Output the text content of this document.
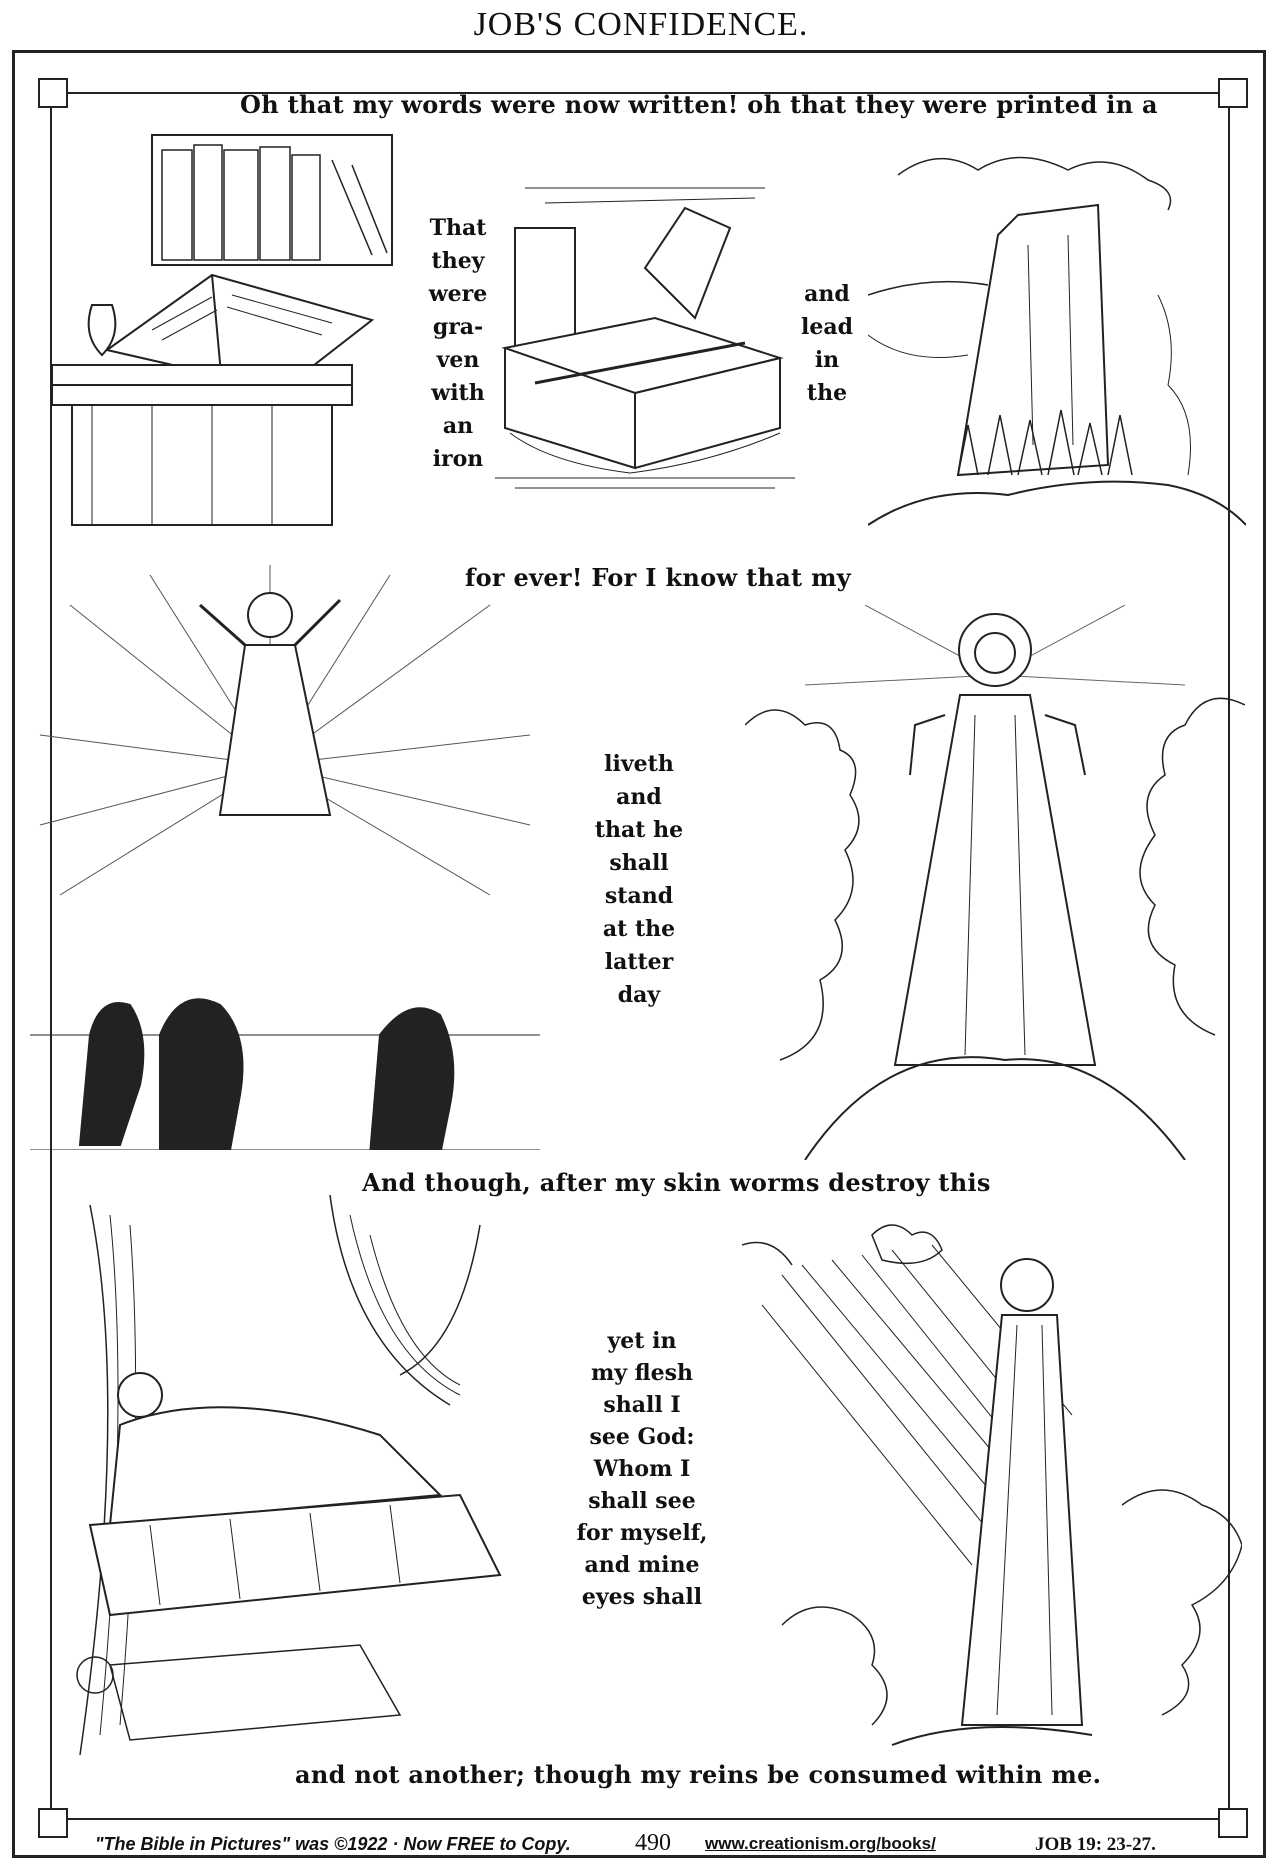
JOB'S CONFIDENCE.
Oh that my words were now written! oh that they were printed in a
for ever! For I know that my
And though, after my skin worms destroy this
and not another; though my reins be consumed within me.
That
they
were
gra-
ven
with
an
iron
and
lead
in
the
liveth
and
that he
shall
stand
at the
latter
day
yet in
my flesh
shall I
see God:
Whom I
shall see
for myself,
and mine
eyes shall
"The Bible in Pictures" was ©1922 · Now FREE to Copy.	490 www.creationism.org/books/	JOB 19: 23-27.
